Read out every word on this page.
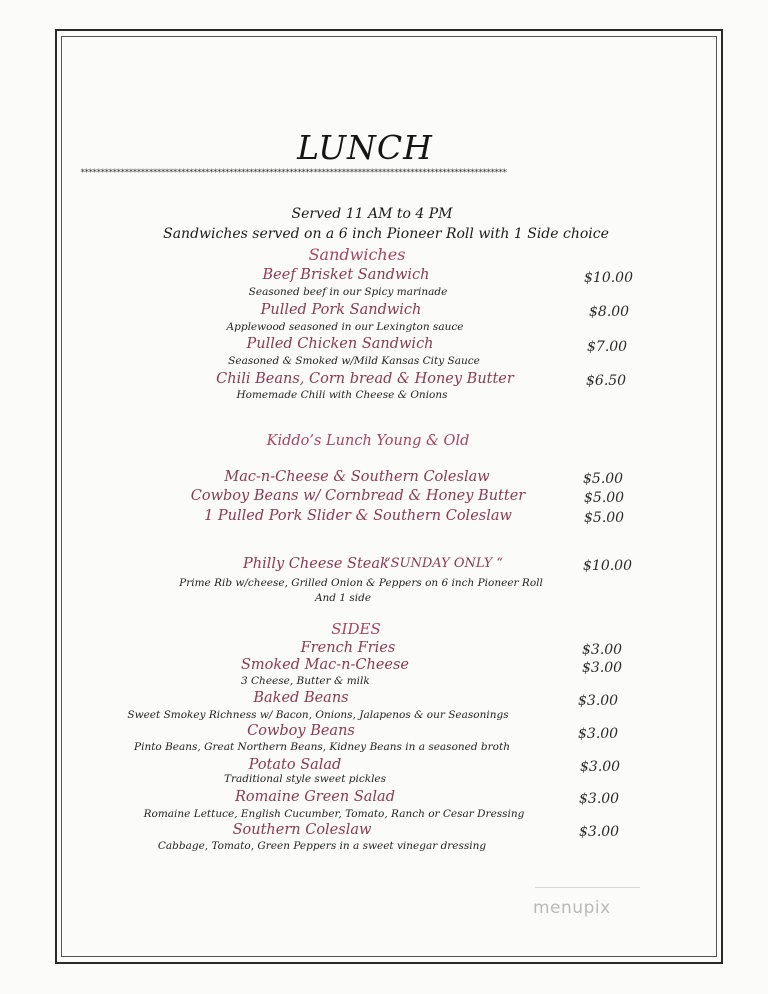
LUNCH
**********************************************************************************************************
Served 11 AM to 4 PM
Sandwiches served on a 6 inch Pioneer Roll with 1 Side choice
Sandwiches
Beef Brisket Sandwich
Seasoned beef in our Spicy marinade
$10.00
Pulled Pork Sandwich
Applewood seasoned in our Lexington sauce
$8.00
Pulled Chicken Sandwich
Seasoned & Smoked w/Mild Kansas City Sauce
$7.00
Chili Beans, Corn bread & Honey Butter
Homemade Chili with Cheese & Onions
$6.50
Kiddo’s Lunch Young & Old
Mac-n-Cheese & Southern Coleslaw	$5.00
Cowboy Beans w/ Cornbread & Honey Butter	$5.00
1 Pulled Pork Slider & Southern Coleslaw	$5.00
Philly Cheese Steak
“SUNDAY ONLY “
Prime Rib w/cheese, Grilled Onion & Peppers on 6 inch Pioneer Roll
And 1 side
$10.00
SIDES
French Fries	$3.00
Smoked Mac-n-Cheese
3 Cheese, Butter & milk
$3.00
Baked Beans
Sweet Smokey Richness w/ Bacon, Onions, Jalapenos & our Seasonings
$3.00
Cowboy Beans
Pinto Beans, Great Northern Beans, Kidney Beans in a seasoned broth
$3.00
Potato Salad
Traditional style sweet pickles
$3.00
Romaine Green Salad
Romaine Lettuce, English Cucumber, Tomato, Ranch or Cesar Dressing
$3.00
Southern Coleslaw
Cabbage, Tomato, Green Peppers in a sweet vinegar dressing
$3.00
menupix
